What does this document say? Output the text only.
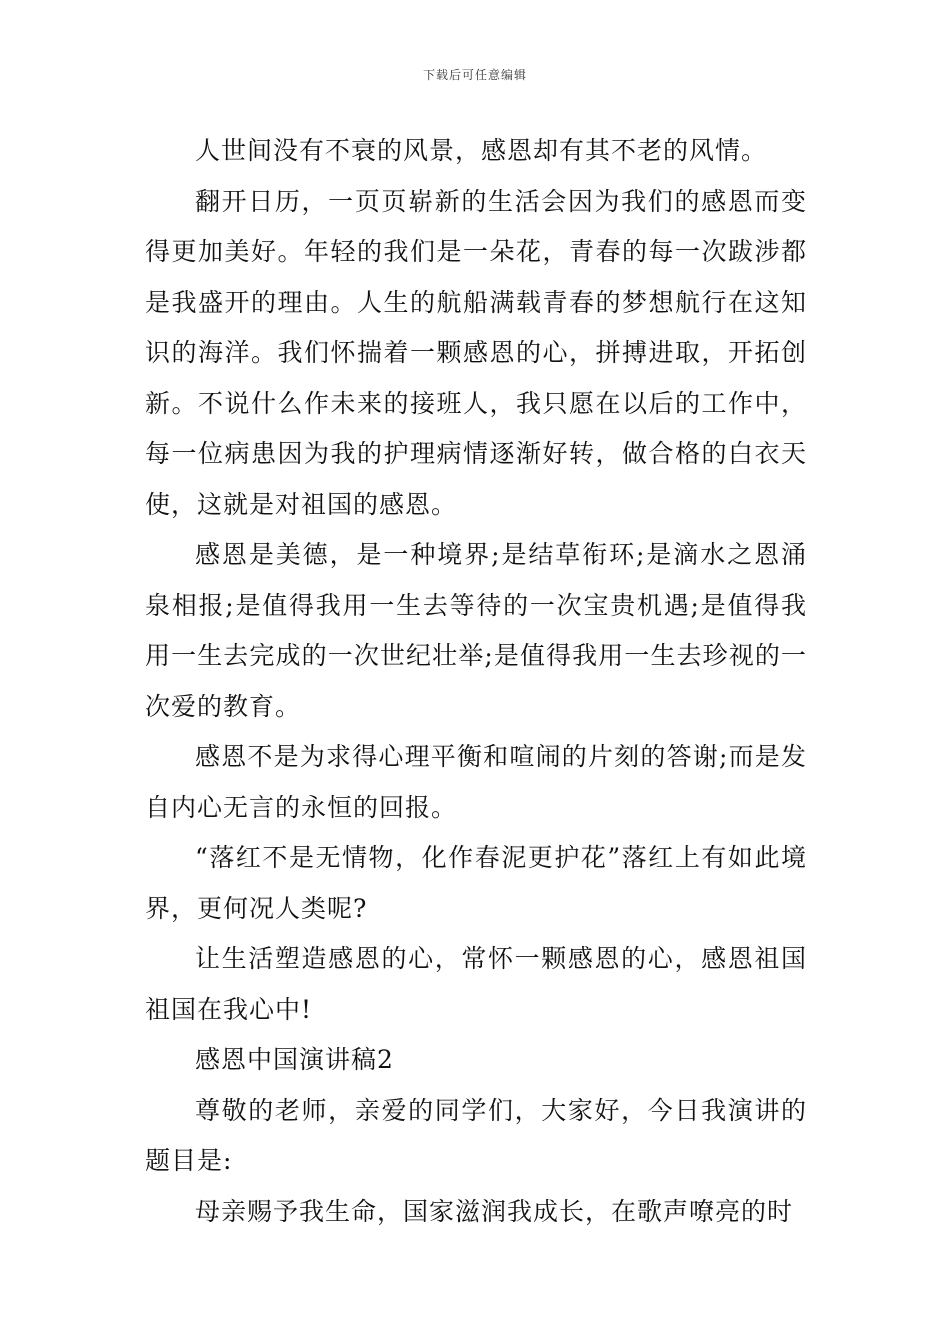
下载后可任意编辑

人世间没有不衰的风景，感恩却有其不老的风情。

翻开日历，一页页崭新的生活会因为我们的感恩而变得更加美好。年轻的我们是一朵花，青春的每一次跋涉都是我盛开的理由。人生的航船满载青春的梦想航行在这知识的海洋。我们怀揣着一颗感恩的心，拼搏进取，开拓创新。不说什么作未来的接班人，我只愿在以后的工作中，每一位病患因为我的护理病情逐渐好转，做合格的白衣天使，这就是对祖国的感恩。

感恩是美德，是一种境界;是结草衔环;是滴水之恩涌泉相报;是值得我用一生去等待的一次宝贵机遇;是值得我用一生去完成的一次世纪壮举;是值得我用一生去珍视的一次爱的教育。

感恩不是为求得心理平衡和喧闹的片刻的答谢;而是发自内心无言的永恒的回报。

“落红不是无情物，化作春泥更护花”落红上有如此境界，更何况人类呢?

让生活塑造感恩的心，常怀一颗感恩的心，感恩祖国祖国在我心中!

感恩中国演讲稿2

尊敬的老师，亲爱的同学们，大家好，今日我演讲的题目是:

母亲赐予我生命，国家滋润我成长，在歌声嘹亮的时
